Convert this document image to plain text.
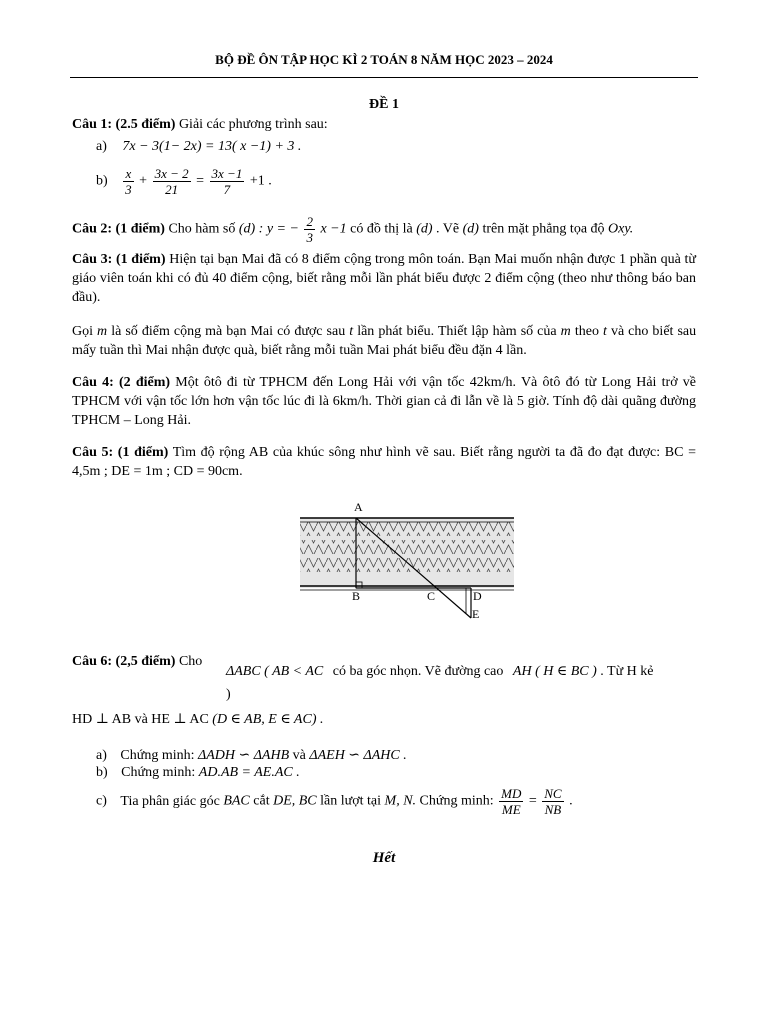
BỘ ĐỀ ÔN TẬP HỌC KÌ 2 TOÁN 8 NĂM HỌC 2023 – 2024
ĐỀ 1
Câu 1: (2.5 điểm) Giải các phương trình sau:
a) 7x − 3(1− 2x) = 13( x −1) + 3 .
$b) \frac{x}{3} + \frac{3x - 2}{21} = \frac{3x -1}{7} +1$ .
Câu 2: (1 điểm) Cho hàm số (d) : y = − $\frac{2}{3}$ x −1 có đồ thị là (d) . Vẽ (d) trên mặt phẳng tọa độ Oxy.
Câu 3: (1 điểm) Hiện tại bạn Mai đã có 8 điểm cộng trong môn toán. Bạn Mai muốn nhận được 1 phần quà từ giáo viên toán khi có đủ 40 điểm cộng, biết rằng mỗi lần phát biểu được 2 điểm cộng (theo như thông báo ban đầu).
Gọi m là số điểm cộng mà bạn Mai có được sau t lần phát biểu. Thiết lập hàm số của m theo t và cho biết sau mấy tuần thì Mai nhận được quà, biết rằng mỗi tuần Mai phát biểu đều đặn 4 lần.
Câu 4: (2 điểm) Một ôtô đi từ TPHCM đến Long Hải với vận tốc 42km/h. Và ôtô đó từ Long Hải trở về TPHCM với vận tốc lớn hơn vận tốc lúc đi là 6km/h. Thời gian cả đi lẫn về là 5 giờ. Tính độ dài quãng đường TPHCM – Long Hải.
Câu 5: (1 điểm) Tìm độ rộng AB của khúc sông như hình vẽ sau. Biết rằng người ta đã đo đạt được: BC = 4,5m ; DE = 1m ; CD = 90cm.
A
B	C	D
E
Câu 6: (2,5 điểm) Cho
ΔABC ( AB < AC có ba góc nhọn. Vẽ đường cao AH ( H ∈ BC ) . Từ H kẻ
)
HD ⊥ AB và HE ⊥ AC (D ∈ AB, E ∈ AC) .
a) Chứng minh: ΔADH ∽ ΔAHB và ΔAEH ∽ ΔAHC .
b) Chứng minh: AD.AB = AE.AC .
c) Tia phân giác góc BAC cắt DE, BC lần lượt tại M, N. Chứng minh: $\frac{MD}{ME} = \frac{NC}{NB}$ .
Hết
